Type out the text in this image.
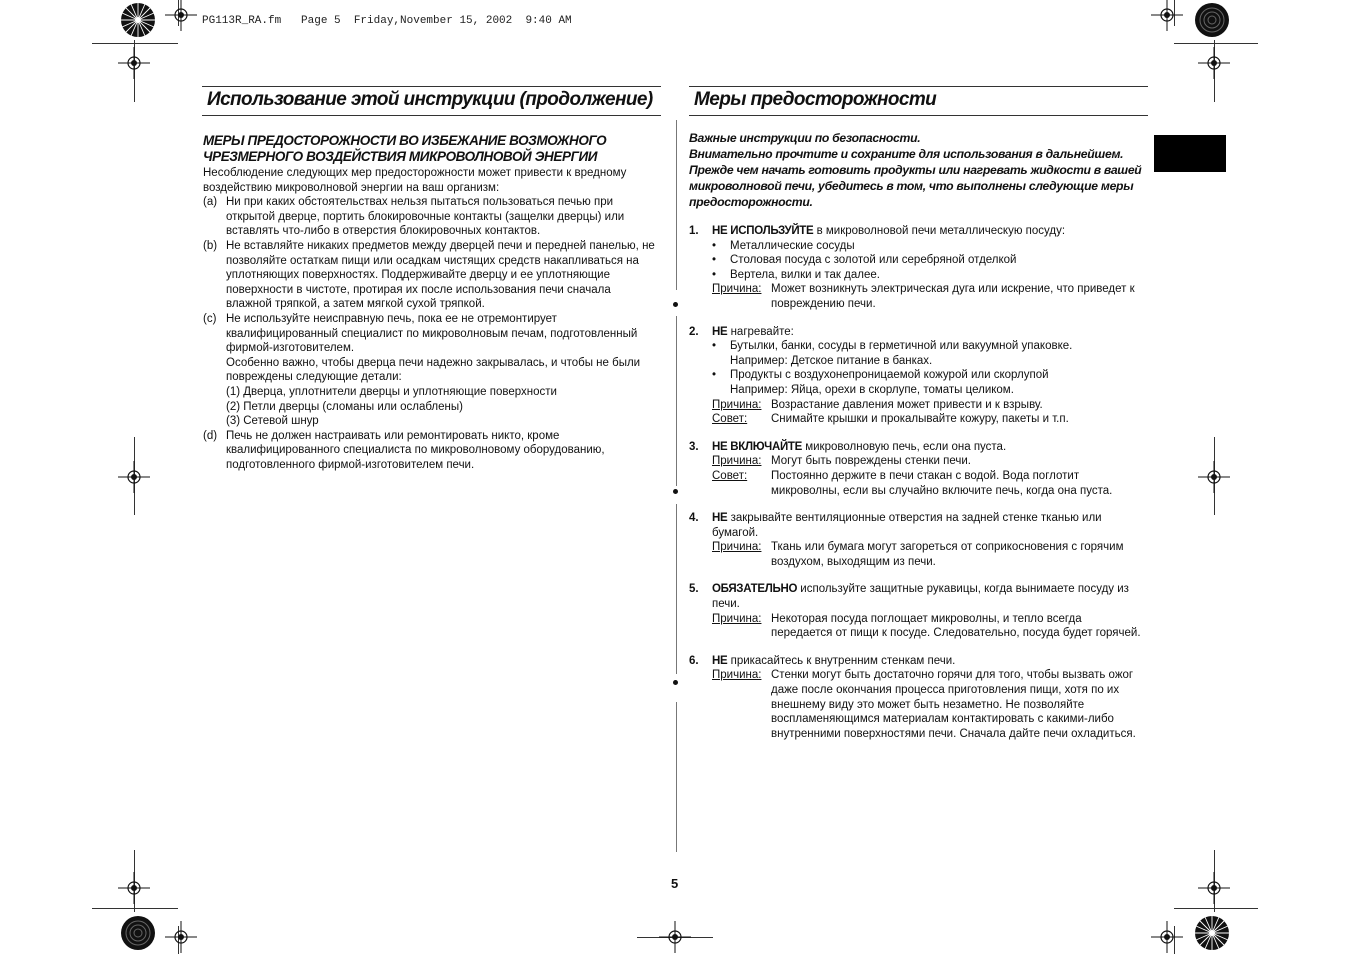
PG113R_RA.fm   Page 5  Friday,November 15, 2002  9:40 AM
Использование этой инструкции (продолжение)
МЕРЫ ПРЕДОСТОРОЖНОСТИ ВО ИЗБЕЖАНИЕ ВОЗМОЖНОГО
ЧРЕЗМЕРНОГО ВОЗДЕЙСТВИЯ МИКРОВОЛНОВОЙ ЭНЕРГИИ
Несоблюдение следующих мер предосторожности может привести к вредному
воздействию микроволновой энергии на ваш организм:
(a) Ни при каких обстоятельствах нельзя пытаться пользоваться печью при
открытой дверце, портить блокировочные контакты (защелки дверцы) или
вставлять что-либо в отверстия блокировочных контактов.
(b) Не вставляйте никаких предметов между дверцей печи и передней панелью, не
позволяйте остаткам пищи или осадкам чистящих средств накапливаться на
уплотняющих поверхностях. Поддерживайте дверцу и ее уплотняющие
поверхности в чистоте, протирая их после использования печи сначала
влажной тряпкой, а затем мягкой сухой тряпкой.
(c) Не используйте неисправную печь, пока ее не отремонтирует
квалифицированный специалист по микроволновым печам, подготовленный
фирмой-изготовителем.
Особенно важно, чтобы дверца печи надежно закрывалась, и чтобы не были
повреждены следующие детали:
(1) Дверца, уплотнители дверцы и уплотняющие поверхности
(2) Петли дверцы (сломаны или ослаблены)
(3) Сетевой шнур
(d) Печь не должен настраивать или ремонтировать никто, кроме
квалифицированного специалиста по микроволновому оборудованию,
подготовленного фирмой-изготовителем печи.
Меры предосторожности
Важные инструкции по безопасности.
Внимательно прочтите и сохраните для использования в дальнейшем.
Прежде чем начать готовить продукты или нагревать жидкости в вашей
микроволновой печи, убедитесь в том, что выполнены следующие меры
предосторожности.
1.	НЕ ИСПОЛЬЗУЙТЕ в микроволновой печи металлическую посуду:
• Металлические сосуды
• Столовая посуда с золотой или серебряной отделкой
• Вертела, вилки и так далее.
Причина: Может возникнуть электрическая дуга или искрение, что приведет к
повреждению печи.
2.	НЕ нагревайте:
• Бутылки, банки, сосуды в герметичной или вакуумной упаковке.
Например: Детское питание в банках.
• Продукты с воздухонепроницаемой кожурой или скорлупой
Например: Яйца, орехи в скорлупе, томаты целиком.
Причина: Возрастание давления может привести и к взрыву.
Совет: Снимайте крышки и прокалывайте кожуру, пакеты и т.п.
3.	НЕ ВКЛЮЧАЙТЕ микроволновую печь, если она пуста.
Причина: Могут быть повреждены стенки печи.
Совет: Постоянно держите в печи стакан с водой. Вода поглотит
микроволны, если вы случайно включите печь, когда она пуста.
4.	НЕ закрывайте вентиляционные отверстия на задней стенке тканью или
бумагой.
Причина: Ткань или бумага могут загореться от соприкосновения с горячим
воздухом, выходящим из печи.
5.	ОБЯЗАТЕЛЬНО используйте защитные рукавицы, когда вынимаете посуду из
печи.
Причина: Некоторая посуда поглощает микроволны, и тепло всегда
передается от пищи к посуде. Следовательно, посуда будет горячей.
6.	НЕ прикасайтесь к внутренним стенкам печи.
Причина: Стенки могут быть достаточно горячи для того, чтобы вызвать ожог
даже после окончания процесса приготовления пищи, хотя по их
внешнему виду это может быть незаметно. Не позволяйте
воспламеняющимся материалам контактировать с какими-либо
внутренними поверхностями печи. Сначала дайте печи охладиться.
5
